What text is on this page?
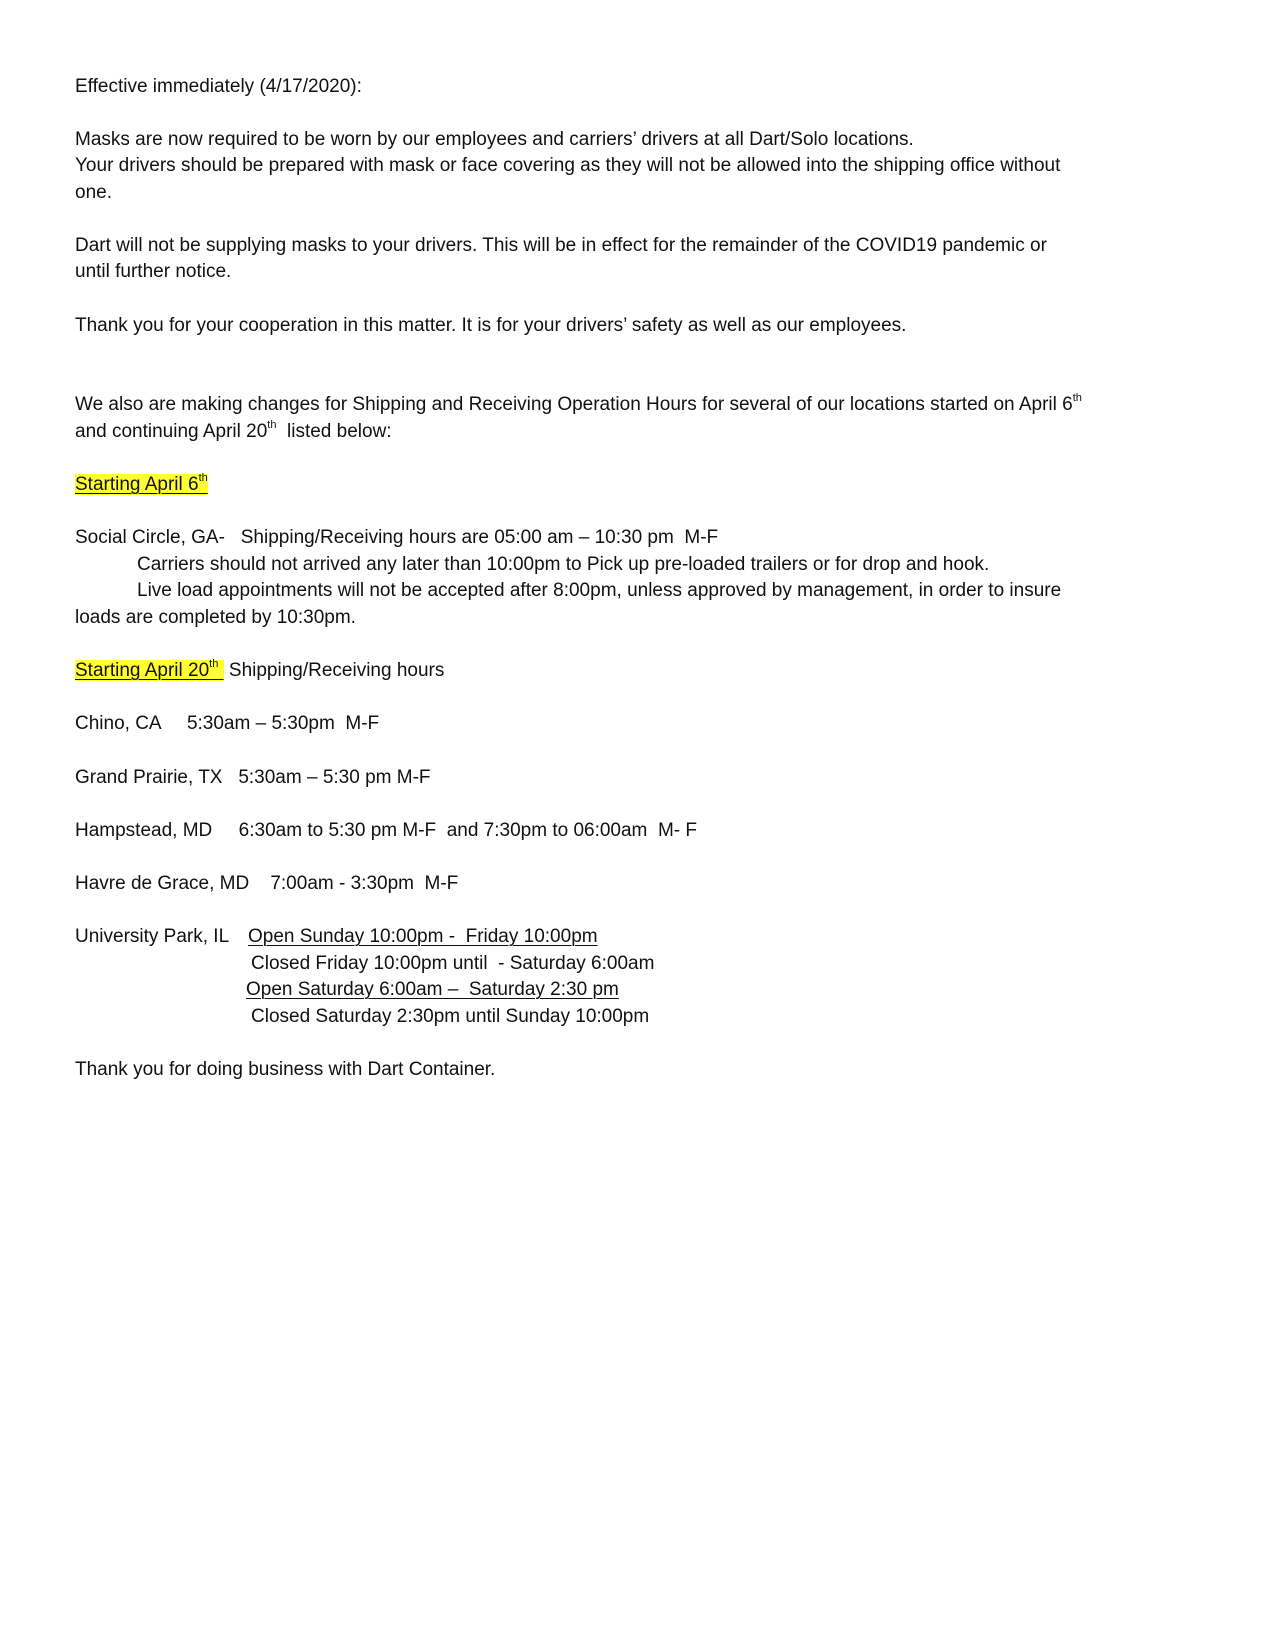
Effective immediately (4/17/2020):
Masks are now required to be worn by our employees and carriers’ drivers at all Dart/Solo locations.
Your drivers should be prepared with mask or face covering as they will not be allowed into the shipping office without
one.
Dart will not be supplying masks to your drivers. This will be in effect for the remainder of the COVID19 pandemic or
until further notice.
Thank you for your cooperation in this matter. It is for your drivers’ safety as well as our employees.
We also are making changes for Shipping and Receiving Operation Hours for several of our locations started on April 6th
and continuing April 20th  listed below:
Starting April 6th
Social Circle, GA-   Shipping/Receiving hours are 05:00 am – 10:30 pm  M-F
Carriers should not arrived any later than 10:00pm to Pick up pre-loaded trailers or for drop and hook.
Live load appointments will not be accepted after 8:00pm, unless approved by management, in order to insure
loads are completed by 10:30pm.
Starting April 20th Shipping/Receiving hours
Chino, CA     5:30am – 5:30pm  M-F
Grand Prairie, TX   5:30am – 5:30 pm M-F
Hampstead, MD     6:30am to 5:30 pm M-F  and 7:30pm to 06:00am  M- F
Havre de Grace, MD    7:00am - 3:30pm  M-F
University Park, IL Open Sunday 10:00pm -  Friday 10:00pm
Closed Friday 10:00pm until  - Saturday 6:00am
Open Saturday 6:00am –  Saturday 2:30 pm
Closed Saturday 2:30pm until Sunday 10:00pm
Thank you for doing business with Dart Container.
